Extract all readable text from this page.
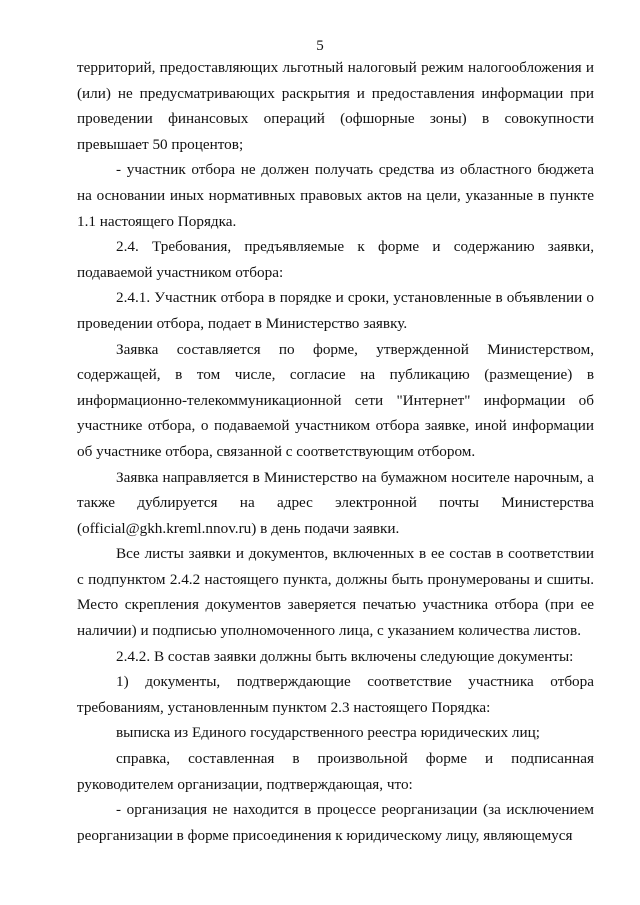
5

территорий, предоставляющих льготный налоговый режим налогообложения и (или) не предусматривающих раскрытия и предоставления информации при проведении финансовых операций (офшорные зоны) в совокупности превышает 50 процентов;

- участник отбора не должен получать средства из областного бюджета на основании иных нормативных правовых актов на цели, указанные в пункте 1.1 настоящего Порядка.

2.4. Требования, предъявляемые к форме и содержанию заявки, подаваемой участником отбора:

2.4.1. Участник отбора в порядке и сроки, установленные в объявлении о проведении отбора, подает в Министерство заявку.

Заявка составляется по форме, утвержденной Министерством, содержащей, в том числе, согласие на публикацию (размещение) в информационно-телекоммуникационной сети "Интернет" информации об участнике отбора, о подаваемой участником отбора заявке, иной информации об участнике отбора, связанной с соответствующим отбором.

Заявка направляется в Министерство на бумажном носителе нарочным, а также дублируется на адрес электронной почты Министерства (official@gkh.kreml.nnov.ru) в день подачи заявки.

Все листы заявки и документов, включенных в ее состав в соответствии с подпунктом 2.4.2 настоящего пункта, должны быть пронумерованы и сшиты. Место скрепления документов заверяется печатью участника отбора (при ее наличии) и подписью уполномоченного лица, с указанием количества листов.

2.4.2. В состав заявки должны быть включены следующие документы:

1) документы, подтверждающие соответствие участника отбора требованиям, установленным пунктом 2.3 настоящего Порядка:

выписка из Единого государственного реестра юридических лиц;

справка, составленная в произвольной форме и подписанная руководителем организации, подтверждающая, что:

- организация не находится в процессе реорганизации (за исключением реорганизации в форме присоединения к юридическому лицу, являющемуся
